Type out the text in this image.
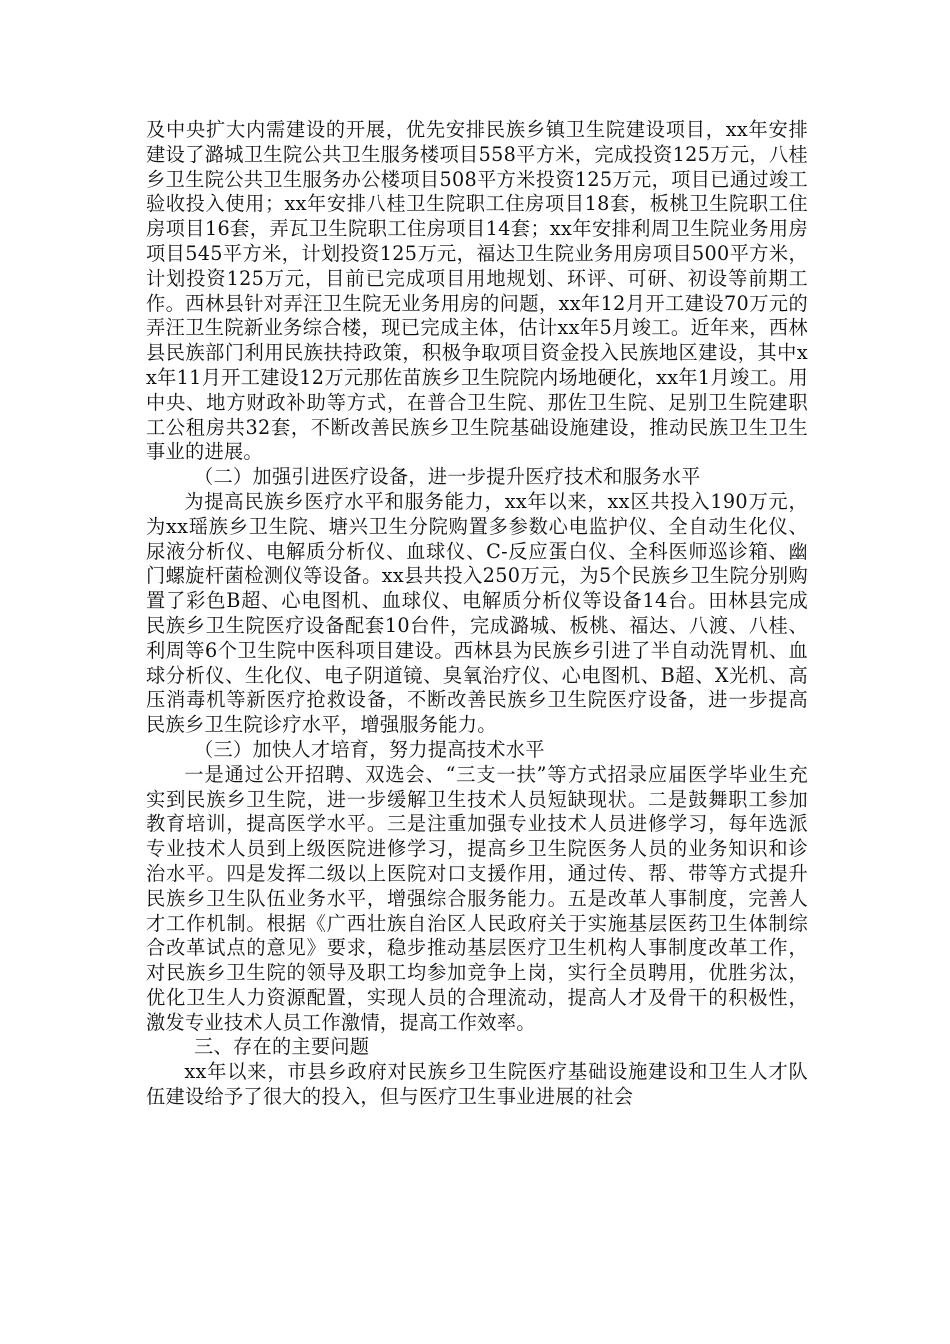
及中央扩大内需建设的开展，优先安排民族乡镇卫生院建设项目，xx年安排建设了潞城卫生院公共卫生服务楼项目558平方米，完成投资125万元，八桂乡卫生院公共卫生服务办公楼项目508平方米投资125万元，项目已通过竣工验收投入使用；xx年安排八桂卫生院职工住房项目18套，板桃卫生院职工住房项目16套，弄瓦卫生院职工住房项目14套；xx年安排利周卫生院业务用房项目545平方米，计划投资125万元，福达卫生院业务用房项目500平方米，计划投资125万元，目前已完成项目用地规划、环评、可研、初设等前期工作。西林县针对弄汪卫生院无业务用房的问题，xx年12月开工建设70万元的弄汪卫生院新业务综合楼，现已完成主体，估计xx年5月竣工。近年来，西林县民族部门利用民族扶持政策，积极争取项目资金投入民族地区建设，其中xx年11月开工建设12万元那佐苗族乡卫生院院内场地硬化，xx年1月竣工。用中央、地方财政补助等方式，在普合卫生院、那佐卫生院、足别卫生院建职工公租房共32套，不断改善民族乡卫生院基础设施建设，推动民族卫生卫生事业的进展。

（二）加强引进医疗设备，进一步提升医疗技术和服务水平

为提高民族乡医疗水平和服务能力，xx年以来，xx区共投入190万元，为xx瑶族乡卫生院、塘兴卫生分院购置多参数心电监护仪、全自动生化仪、尿液分析仪、电解质分析仪、血球仪、C-反应蛋白仪、全科医师巡诊箱、幽门螺旋杆菌检测仪等设备。xx县共投入250万元，为5个民族乡卫生院分别购置了彩色B超、心电图机、血球仪、电解质分析仪等设备14台。田林县完成民族乡卫生院医疗设备配套10台件，完成潞城、板桃、福达、八渡、八桂、利周等6个卫生院中医科项目建设。西林县为民族乡引进了半自动洗胃机、血球分析仪、生化仪、电子阴道镜、臭氧治疗仪、心电图机、B超、X光机、高压消毒机等新医疗抢救设备，不断改善民族乡卫生院医疗设备，进一步提高民族乡卫生院诊疗水平，增强服务能力。

（三）加快人才培育，努力提高技术水平

一是通过公开招聘、双选会、“三支一扶”等方式招录应届医学毕业生充实到民族乡卫生院，进一步缓解卫生技术人员短缺现状。二是鼓舞职工参加教育培训，提高医学水平。三是注重加强专业技术人员进修学习，每年选派专业技术人员到上级医院进修学习，提高乡卫生院医务人员的业务知识和诊治水平。四是发挥二级以上医院对口支援作用，通过传、帮、带等方式提升民族乡卫生队伍业务水平，增强综合服务能力。五是改革人事制度，完善人才工作机制。根据《广西壮族自治区人民政府关于实施基层医药卫生体制综合改革试点的意见》要求，稳步推动基层医疗卫生机构人事制度改革工作，对民族乡卫生院的领导及职工均参加竞争上岗，实行全员聘用，优胜劣汰，优化卫生人力资源配置，实现人员的合理流动，提高人才及骨干的积极性，激发专业技术人员工作激情，提高工作效率。

三、存在的主要问题

xx年以来，市县乡政府对民族乡卫生院医疗基础设施建设和卫生人才队伍建设给予了很大的投入，但与医疗卫生事业进展的社会
